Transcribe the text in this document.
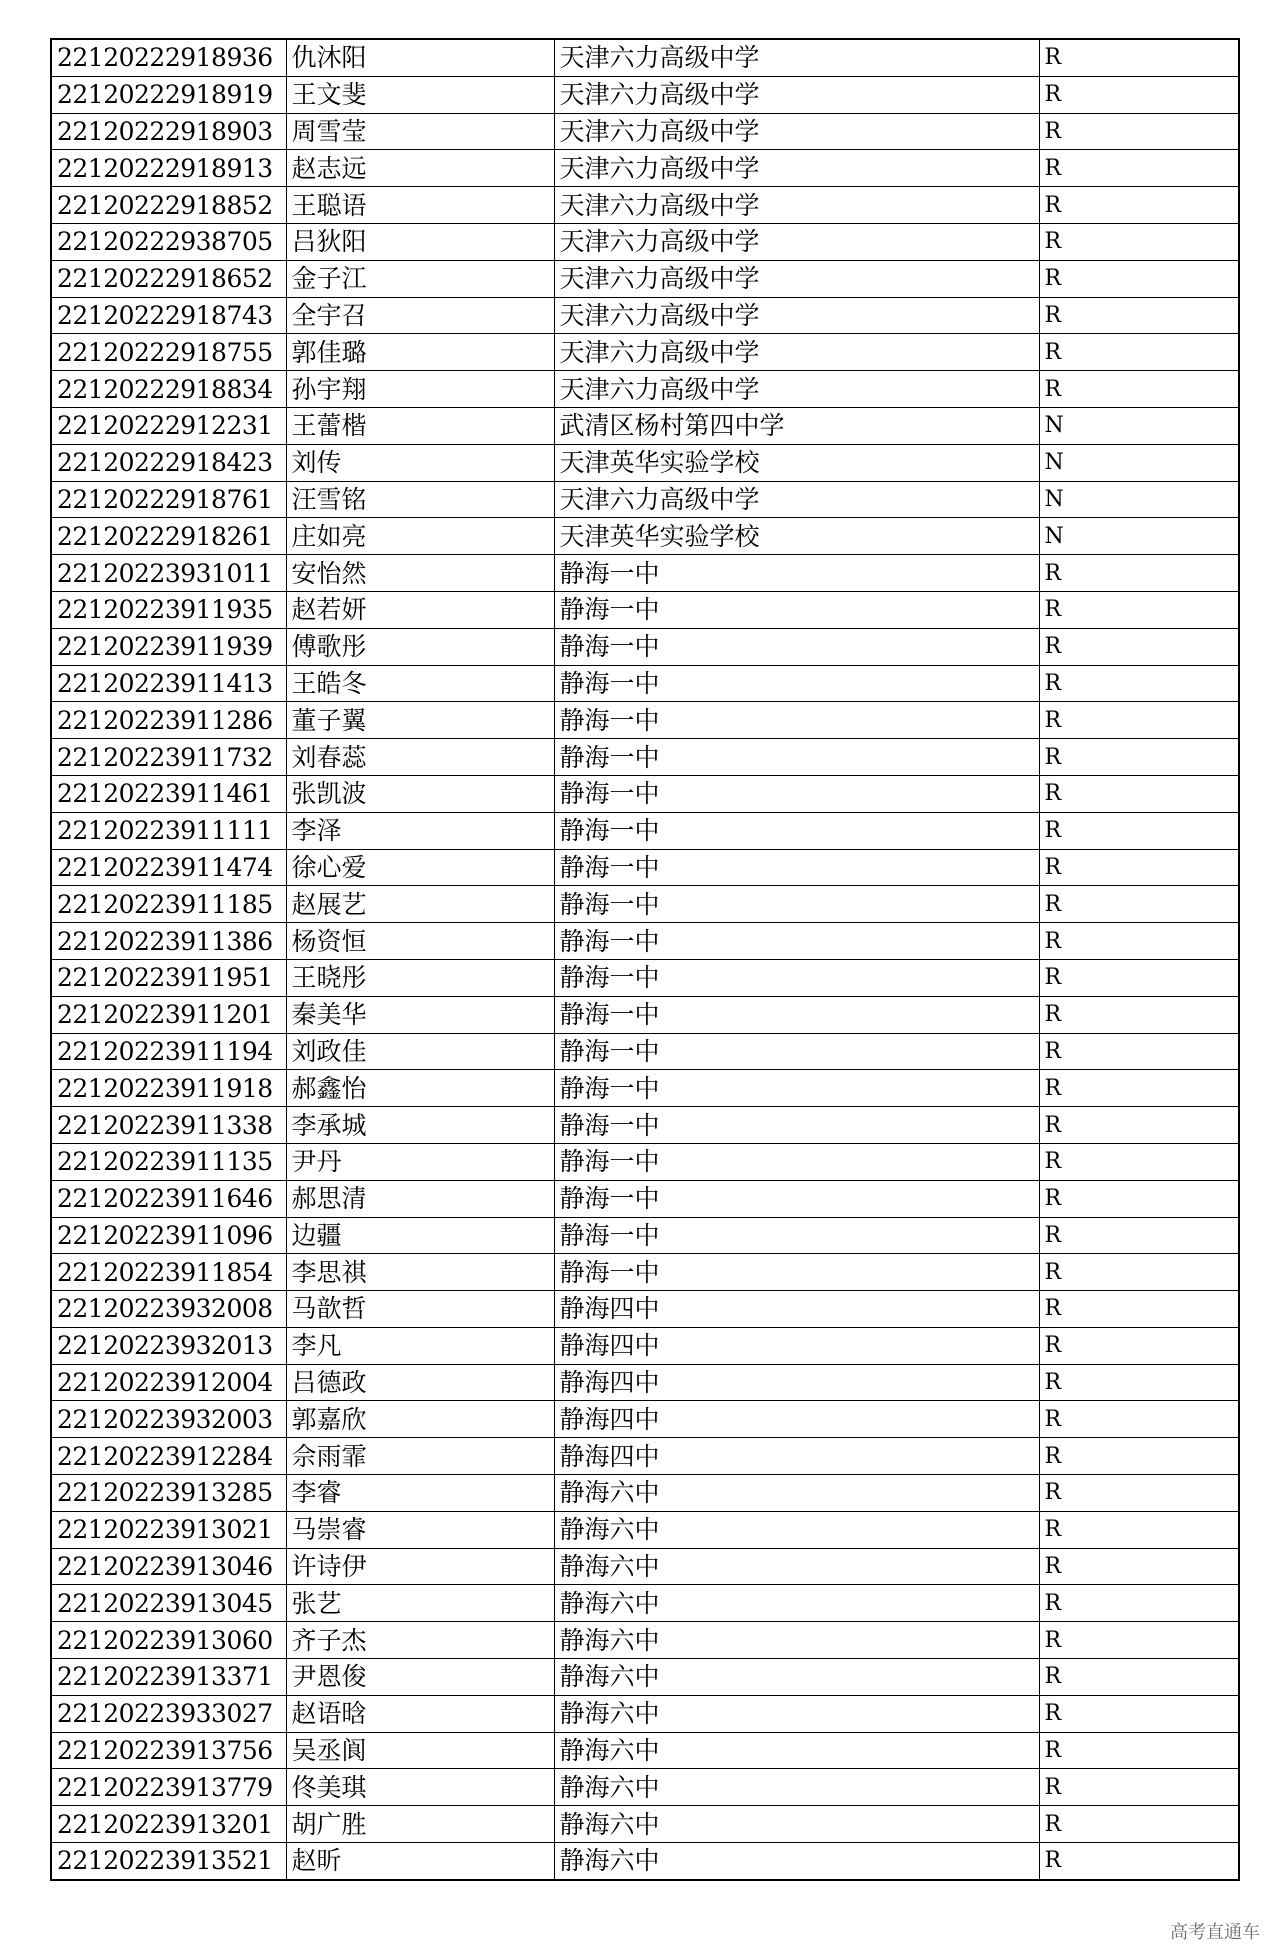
22120222918936	仇沐阳	天津六力高级中学	R
22120222918919	王文斐	天津六力高级中学	R
22120222918903	周雪莹	天津六力高级中学	R
22120222918913	赵志远	天津六力高级中学	R
22120222918852	王聪语	天津六力高级中学	R
22120222938705	吕狄阳	天津六力高级中学	R
22120222918652	金子江	天津六力高级中学	R
22120222918743	全宇召	天津六力高级中学	R
22120222918755	郭佳璐	天津六力高级中学	R
22120222918834	孙宇翔	天津六力高级中学	R
22120222912231	王蕾楷	武清区杨村第四中学	N
22120222918423	刘传	天津英华实验学校	N
22120222918761	汪雪铭	天津六力高级中学	N
22120222918261	庄如亮	天津英华实验学校	N
22120223931011	安怡然	静海一中	R
22120223911935	赵若妍	静海一中	R
22120223911939	傅歌彤	静海一中	R
22120223911413	王皓冬	静海一中	R
22120223911286	董子翼	静海一中	R
22120223911732	刘春蕊	静海一中	R
22120223911461	张凯波	静海一中	R
22120223911111	李泽	静海一中	R
22120223911474	徐心爱	静海一中	R
22120223911185	赵展艺	静海一中	R
22120223911386	杨资恒	静海一中	R
22120223911951	王晓彤	静海一中	R
22120223911201	秦美华	静海一中	R
22120223911194	刘政佳	静海一中	R
22120223911918	郝鑫怡	静海一中	R
22120223911338	李承城	静海一中	R
22120223911135	尹丹	静海一中	R
22120223911646	郝思清	静海一中	R
22120223911096	边疆	静海一中	R
22120223911854	李思祺	静海一中	R
22120223932008	马歆哲	静海四中	R
22120223932013	李凡	静海四中	R
22120223912004	吕德政	静海四中	R
22120223932003	郭嘉欣	静海四中	R
22120223912284	佘雨霏	静海四中	R
22120223913285	李睿	静海六中	R
22120223913021	马崇睿	静海六中	R
22120223913046	许诗伊	静海六中	R
22120223913045	张艺	静海六中	R
22120223913060	齐子杰	静海六中	R
22120223913371	尹恩俊	静海六中	R
22120223933027	赵语晗	静海六中	R
22120223913756	吴丞阆	静海六中	R
22120223913779	佟美琪	静海六中	R
22120223913201	胡广胜	静海六中	R
22120223913521	赵昕	静海六中	R
高考直通车
